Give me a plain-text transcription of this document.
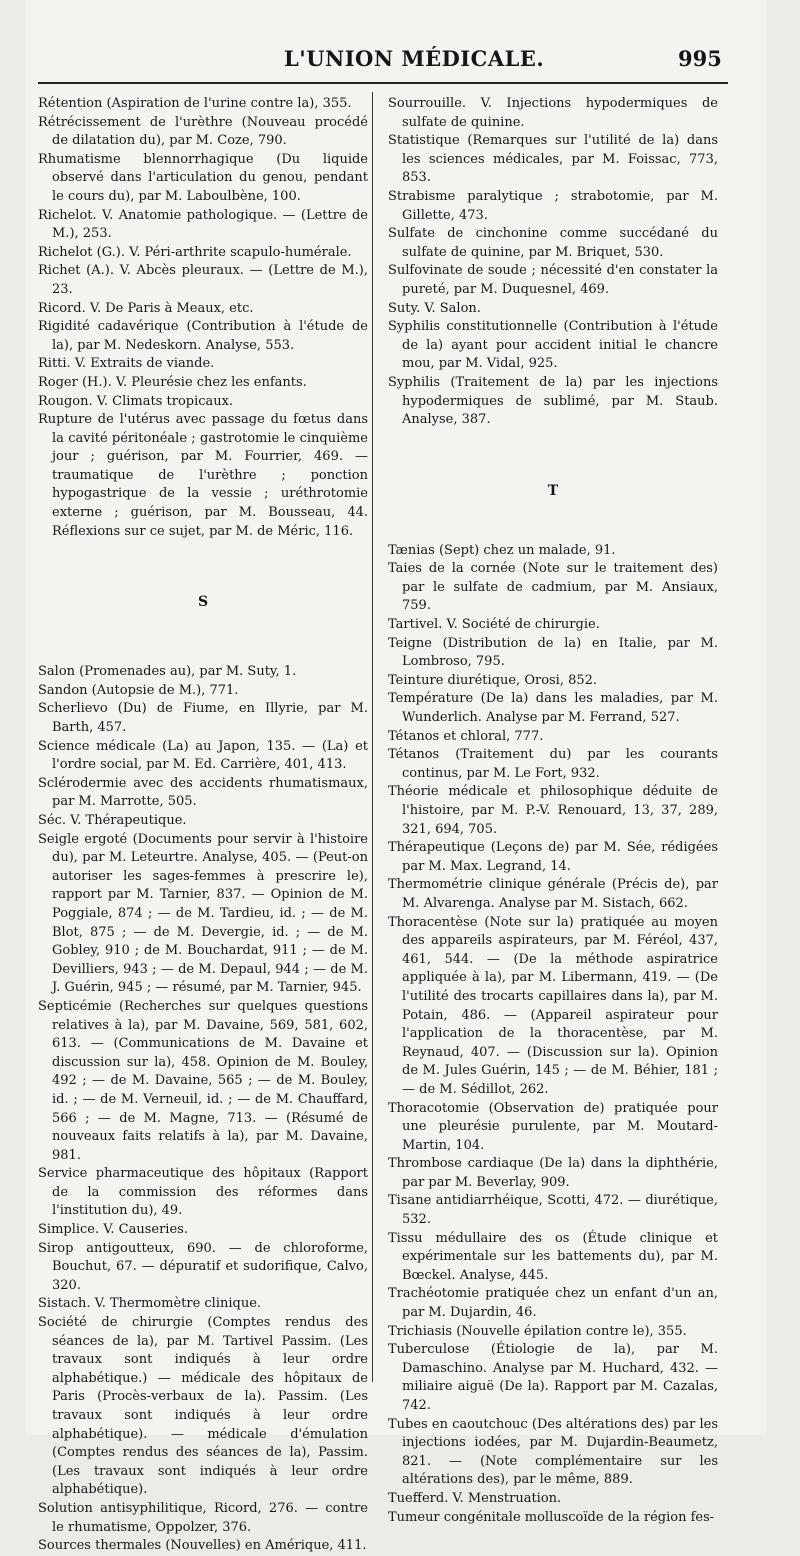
L'UNION MÉDICALE.	995
Rétention (Aspiration de l'urine contre la), 355.
Rétrécissement de l'urèthre (Nouveau procédé de dilatation du), par M. Coze, 790.
Rhumatisme blennorrhagique (Du liquide observé dans l'articulation du genou, pendant le cours du), par M. Laboulbène, 100.
Richelot. V. Anatomie pathologique. — (Lettre de M.), 253.
Richelot (G.). V. Péri-arthrite scapulo-humérale.
Richet (A.). V. Abcès pleuraux. — (Lettre de M.), 23.
Ricord. V. De Paris à Meaux, etc.
Rigidité cadavérique (Contribution à l'étude de la), par M. Nedeskorn. Analyse, 553.
Ritti. V. Extraits de viande.
Roger (H.). V. Pleurésie chez les enfants.
Rougon. V. Climats tropicaux.
Rupture de l'utérus avec passage du fœtus dans la cavité péritonéale ; gastrotomie le cinquième jour ; guérison, par M. Fourrier, 469. — traumatique de l'urèthre ; ponction hypogastrique de la vessie ; uréthrotomie externe ; guérison, par M. Bousseau, 44. Réflexions sur ce sujet, par M. de Méric, 116.
S
Salon (Promenades au), par M. Suty, 1.
Sandon (Autopsie de M.), 771.
Scherlievo (Du) de Fiume, en Illyrie, par M. Barth, 457.
Science médicale (La) au Japon, 135. — (La) et l'ordre social, par M. Ed. Carrière, 401, 413.
Sclérodermie avec des accidents rhumatismaux, par M. Marrotte, 505.
Séc. V. Thérapeutique.
Seigle ergoté (Documents pour servir à l'histoire du), par M. Leteurtre. Analyse, 405. — (Peut-on autoriser les sages-femmes à prescrire le), rapport par M. Tarnier, 837. — Opinion de M. Poggiale, 874 ; — de M. Tardieu, id. ; — de M. Blot, 875 ; — de M. Devergie, id. ; — de M. Gobley, 910 ; de M. Bouchardat, 911 ; — de M. Devilliers, 943 ; — de M. Depaul, 944 ; — de M. J. Guérin, 945 ; — résumé, par M. Tarnier, 945.
Septicémie (Recherches sur quelques questions relatives à la), par M. Davaine, 569, 581, 602, 613. — (Communications de M. Davaine et discussion sur la), 458. Opinion de M. Bouley, 492 ; — de M. Davaine, 565 ; — de M. Bouley, id. ; — de M. Verneuil, id. ; — de M. Chauffard, 566 ; — de M. Magne, 713. — (Résumé de nouveaux faits relatifs à la), par M. Davaine, 981.
Service pharmaceutique des hôpitaux (Rapport de la commission des réformes dans l'institution du), 49.
Simplice. V. Causeries.
Sirop antigoutteux, 690. — de chloroforme, Bouchut, 67. — dépuratif et sudorifique, Calvo, 320.
Sistach. V. Thermomètre clinique.
Société de chirurgie (Comptes rendus des séances de la), par M. Tartivel Passim. (Les travaux sont indiqués à leur ordre alphabétique.) — médicale des hôpitaux de Paris (Procès-verbaux de la). Passim. (Les travaux sont indiqués à leur ordre alphabétique). — médicale d'émulation (Comptes rendus des séances de la), Passim. (Les travaux sont indiqués à leur ordre alphabétique).
Solution antisyphilitique, Ricord, 276. — contre le rhumatisme, Oppolzer, 376.
Sources thermales (Nouvelles) en Amérique, 411.
Sourrouille. V. Injections hypodermiques de sulfate de quinine.
Statistique (Remarques sur l'utilité de la) dans les sciences médicales, par M. Foissac, 773, 853.
Strabisme paralytique ; strabotomie, par M. Gillette, 473.
Sulfate de cinchonine comme succédané du sulfate de quinine, par M. Briquet, 530.
Sulfovinate de soude ; nécessité d'en constater la pureté, par M. Duquesnel, 469.
Suty. V. Salon.
Syphilis constitutionnelle (Contribution à l'étude de la) ayant pour accident initial le chancre mou, par M. Vidal, 925.
Syphilis (Traitement de la) par les injections hypodermiques de sublimé, par M. Staub. Analyse, 387.
T
Tænias (Sept) chez un malade, 91.
Taies de la cornée (Note sur le traitement des) par le sulfate de cadmium, par M. Ansiaux, 759.
Tartivel. V. Société de chirurgie.
Teigne (Distribution de la) en Italie, par M. Lombroso, 795.
Teinture diurétique, Orosi, 852.
Température (De la) dans les maladies, par M. Wunderlich. Analyse par M. Ferrand, 527.
Tétanos et chloral, 777.
Tétanos (Traitement du) par les courants continus, par M. Le Fort, 932.
Théorie médicale et philosophique déduite de l'histoire, par M. P.-V. Renouard, 13, 37, 289, 321, 694, 705.
Thérapeutique (Leçons de) par M. Sée, rédigées par M. Max. Legrand, 14.
Thermométrie clinique générale (Précis de), par M. Alvarenga. Analyse par M. Sistach, 662.
Thoracentèse (Note sur la) pratiquée au moyen des appareils aspirateurs, par M. Féréol, 437, 461, 544. — (De la méthode aspiratrice appliquée à la), par M. Libermann, 419. — (De l'utilité des trocarts capillaires dans la), par M. Potain, 486. — (Appareil aspirateur pour l'application de la thoracentèse, par M. Reynaud, 407. — (Discussion sur la). Opinion de M. Jules Guérin, 145 ; — de M. Béhier, 181 ; — de M. Sédillot, 262.
Thoracotomie (Observation de) pratiquée pour une pleurésie purulente, par M. Moutard-Martin, 104.
Thrombose cardiaque (De la) dans la diphthérie, par par M. Beverlay, 909.
Tisane antidiarrhéique, Scotti, 472. — diurétique, 532.
Tissu médullaire des os (Étude clinique et expérimentale sur les battements du), par M. Bœckel. Analyse, 445.
Trachéotomie pratiquée chez un enfant d'un an, par M. Dujardin, 46.
Trichiasis (Nouvelle épilation contre le), 355.
Tuberculose (Étiologie de la), par M. Damaschino. Analyse par M. Huchard, 432. — miliaire aiguë (De la). Rapport par M. Cazalas, 742.
Tubes en caoutchouc (Des altérations des) par les injections iodées, par M. Dujardin-Beaumetz, 821. — (Note complémentaire sur les altérations des), par le même, 889.
Tuefferd. V. Menstruation.
Tumeur congénitale molluscoïde de la région fes-
